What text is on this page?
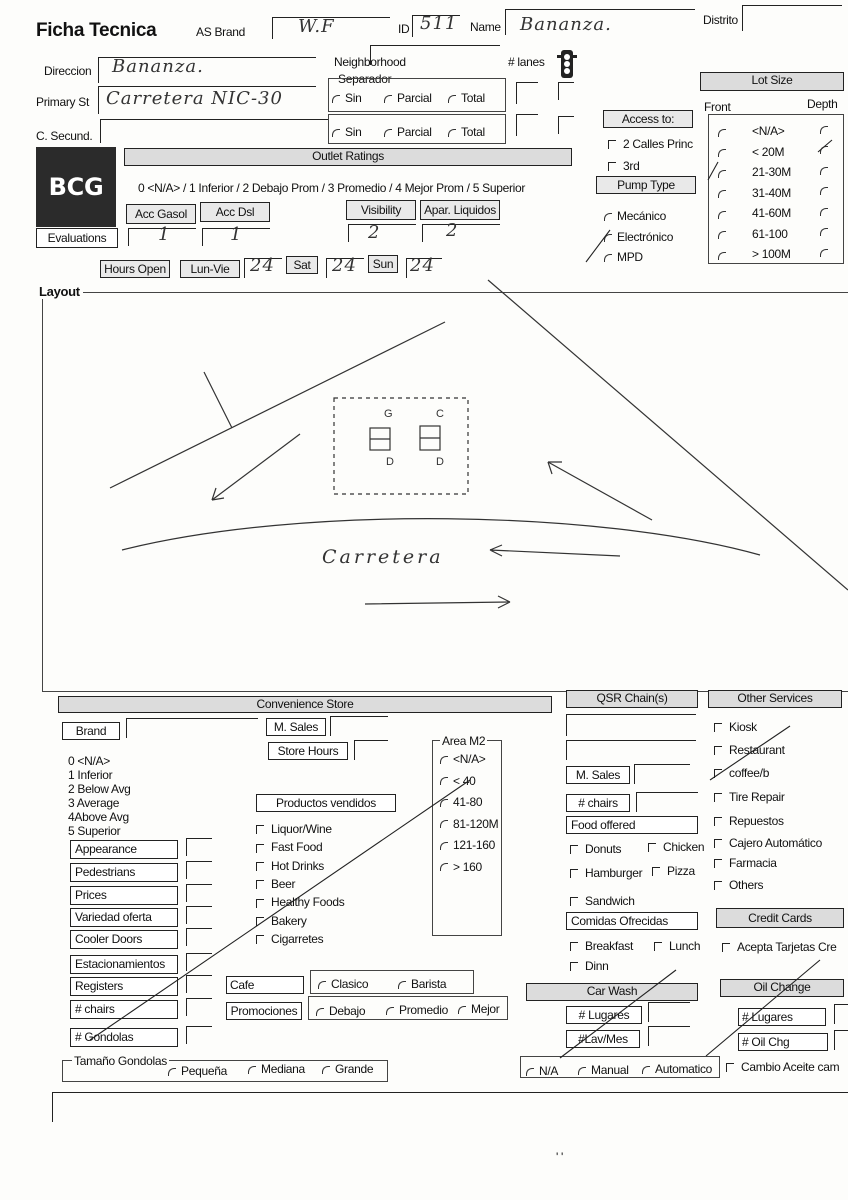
Ficha Tecnica	AS Brand	W.F	ID 511 Name Bananza.	Distrito
Direccion Bananza.
Primary St Carretera NIC-30
C. Secund.
Neighborhood
Separador
Sin	Parcial	Total
Sin	Parcial	Total
# lanes
Lot Size
Front	Depth
<N/A>
< 20M
21-30M
31-40M
41-60M
61-100
> 100M
Access to:
2 Calles Princ
3rd
Pump Type
Mecánico
Electrónico
MPD
BCG
Evaluations
Outlet Ratings
0 <N/A> / 1 Inferior / 2 Debajo Prom / 3 Promedio / 4 Mejor Prom / 5 Superior
Acc Gasol
1
Acc Dsl
1
Visibility
2
Apar. Liquidos
2
Hours Open	Lun-Vie	24	Sat	24	Sun 24
Layout
Carretera
G	C
D	D
Convenience Store
Brand	M. Sales
Store Hours
0 <N/A>
1 Inferior
2 Below Avg
3 Average
4Above Avg
5 Superior
Appearance
Pedestrians
Prices
Variedad oferta
Cooler Doors
Estacionamientos
Registers
# chairs
# Gondolas
Productos vendidos
Liquor/Wine
Fast Food
Hot Drinks
Beer
Healthy Foods
Bakery
Cigarretes
Area M2
<N/A>
< 40
41-80
81-120M
121-160
> 160
Cafe	Clasico	Barista
Promociones	Debajo	Promedio	Mejor
Tamaño Gondolas
Pequeña	Mediana	Grande
QSR Chain(s)
M. Sales
# chairs
Food offered
Donuts	Chicken
Hamburger	Pizza
Sandwich
Comidas Ofrecidas
Breakfast	Lunch
Dinn
Car Wash
# Lugares
#Lav/Mes
N/A	Manual	Automatico
Other Services
Kiosk
Restaurant
coffee/b
Tire Repair
Repuestos
Cajero Automático
Farmacia
Others
Credit Cards
Acepta Tarjetas Cre
Oil Change
# Lugares
# Oil Chg
Cambio Aceite cam
' '
